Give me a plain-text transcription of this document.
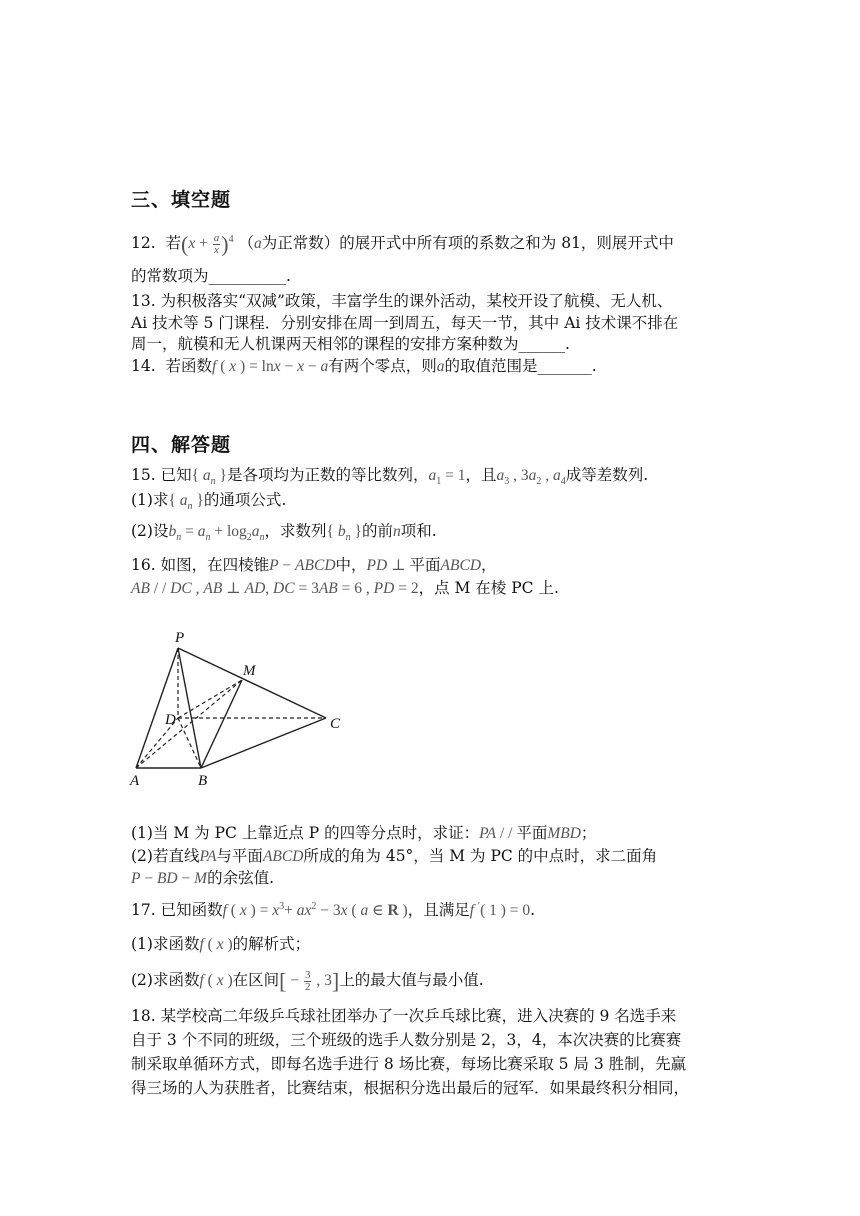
三、填空题
12. 若$(x + \frac{a}{x} )^4$ （a为正常数）的展开式中所有项的系数之和为 81，则展开式中
的常数项为__________.
13. 为积极落实“双减”政策，丰富学生的课外活动，某校开设了航模、无人机、
Ai 技术等 5 门课程．分别安排在周一到周五，每天一节，其中 Ai 技术课不排在
周一，航模和无人机课两天相邻的课程的安排方案种数为______.
14. 若函数f ( x ) = lnx − x − a有两个零点，则a的取值范围是_______.
四、解答题
15. 已知{ $a_n$ }是各项均为正数的等比数列，$a_1 = 1$，且$a_3$ , $3a_2$ , $a_4$成等差数列.
(1)求{ $a_n$ }的通项公式.
(2)设$b_n = a_n + \log_2a_n$，求数列{ $b_n$ }的前n项和.
16. 如图，在四棱锥P − ABCD中，PD ⊥ 平面ABCD，
AB / / DC , AB ⊥ AD, DC = 3AB = 6 , PD = 2，点 M 在棱 PC 上.
P
M
D	C
A	B
(1)当 M 为 PC 上靠近点 P 的四等分点时，求证：PA / / 平面MBD；
(2)若直线PA与平面ABCD所成的角为 45°，当 M 为 PC 的中点时，求二面角
P − BD − M的余弦值.
17. 已知函数f ( x ) = $x^3+ ax^2 - 3x$ ( a ∈ R )，且满足f ′( 1 ) = 0.
(1)求函数f ( x )的解析式；
(2)求函数f ( x )在区间[ − $\frac{3}{2}$ , 3]上的最大值与最小值.
18. 某学校高二年级乒乓球社团举办了一次乒乓球比赛，进入决赛的 9 名选手来
自于 3 个不同的班级，三个班级的选手人数分别是 2，3，4，本次决赛的比赛赛
制采取单循环方式，即每名选手进行 8 场比赛，每场比赛采取 5 局 3 胜制，先赢
得三场的人为获胜者，比赛结束，根据积分选出最后的冠军．如果最终积分相同，
